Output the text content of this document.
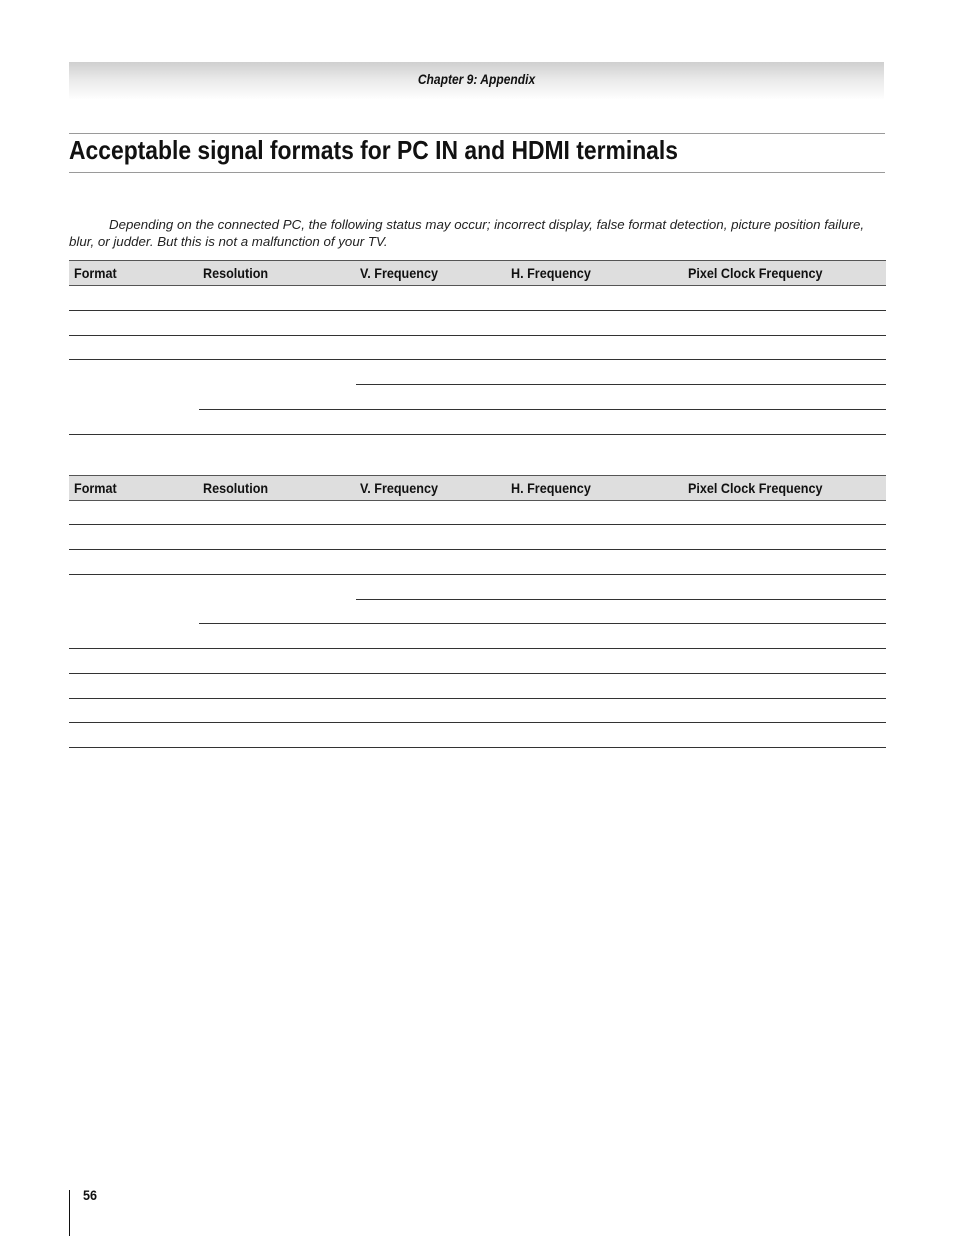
Chapter 9: Appendix
Acceptable signal formats for PC IN and HDMI terminals

Depending on the connected PC, the following status may occur; incorrect display, false format detection, picture position failure, blur, or judder. But this is not a malfunction of your TV.

Format	Resolution	V. Frequency	H. Frequency	Pixel Clock Frequency
Format	Resolution	V. Frequency	H. Frequency	Pixel Clock Frequency
56
